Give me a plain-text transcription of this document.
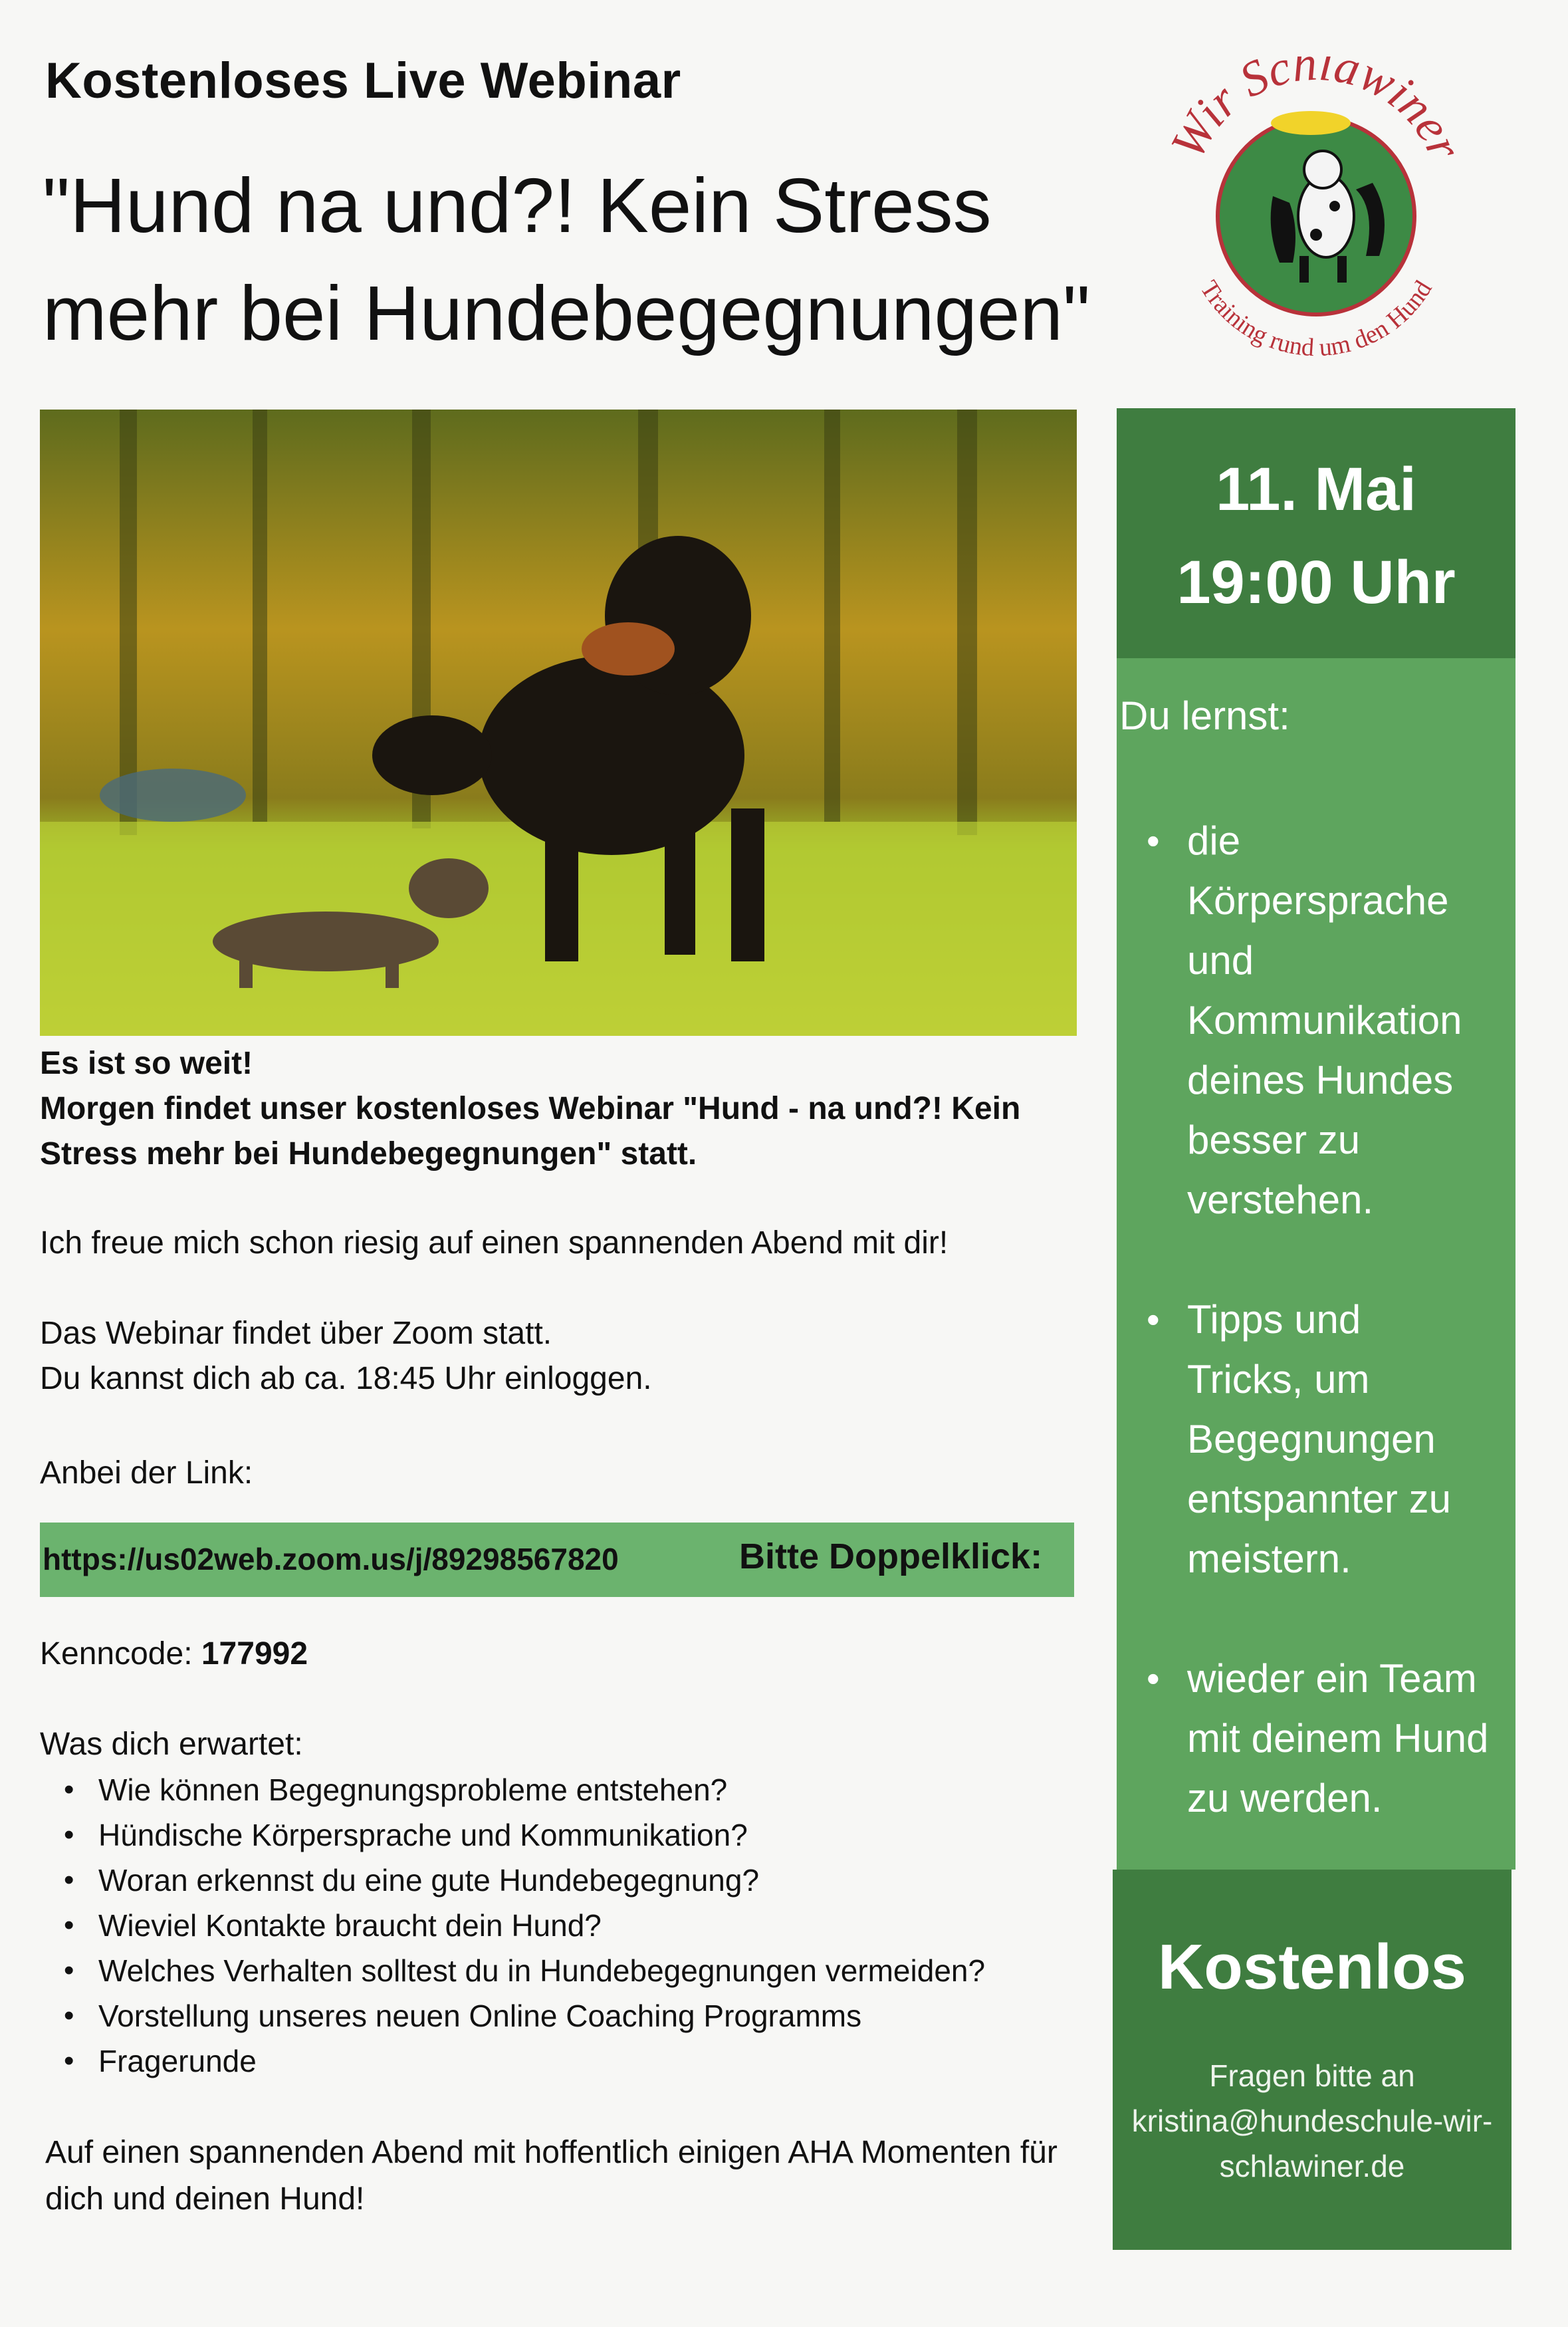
Kostenloses Live Webinar
"Hund na und?! Kein Stress
mehr bei Hundebegegnungen"
Wir Schlawiner
Training rund um den Hund
Es ist so weit!
Morgen findet unser kostenloses Webinar "Hund - na und?! Kein
Stress mehr bei Hundebegegnungen" statt.
Ich freue mich schon riesig auf einen spannenden Abend mit dir!
Das Webinar findet über Zoom statt.
Du kannst dich ab ca. 18:45 Uhr einloggen.
Anbei der Link:
https://us02web.zoom.us/j/89298567820	Bitte Doppelklick:
Kenncode: 177992
Was dich erwartet:
• Wie können Begegnungsprobleme entstehen?
• Hündische Körpersprache und Kommunikation?
• Woran erkennst du eine gute Hundebegegnung?
• Wieviel Kontakte braucht dein Hund?
• Welches Verhalten solltest du in Hundebegegnungen vermeiden?
• Vorstellung unseres neuen Online Coaching Programms
• Fragerunde
Auf einen spannenden Abend mit hoffentlich einigen AHA Momenten für
dich und deinen Hund!
11. Mai
19:00 Uhr
Du lernst:
• die
Körpersprache
und
Kommunikation
deines Hundes
besser zu
verstehen.
• Tipps und
Tricks, um
Begegnungen
entspannter zu
meistern.
• wieder ein Team
mit deinem Hund
zu werden.
Kostenlos
Fragen bitte an
kristina@hundeschule-wir-
schlawiner.de
